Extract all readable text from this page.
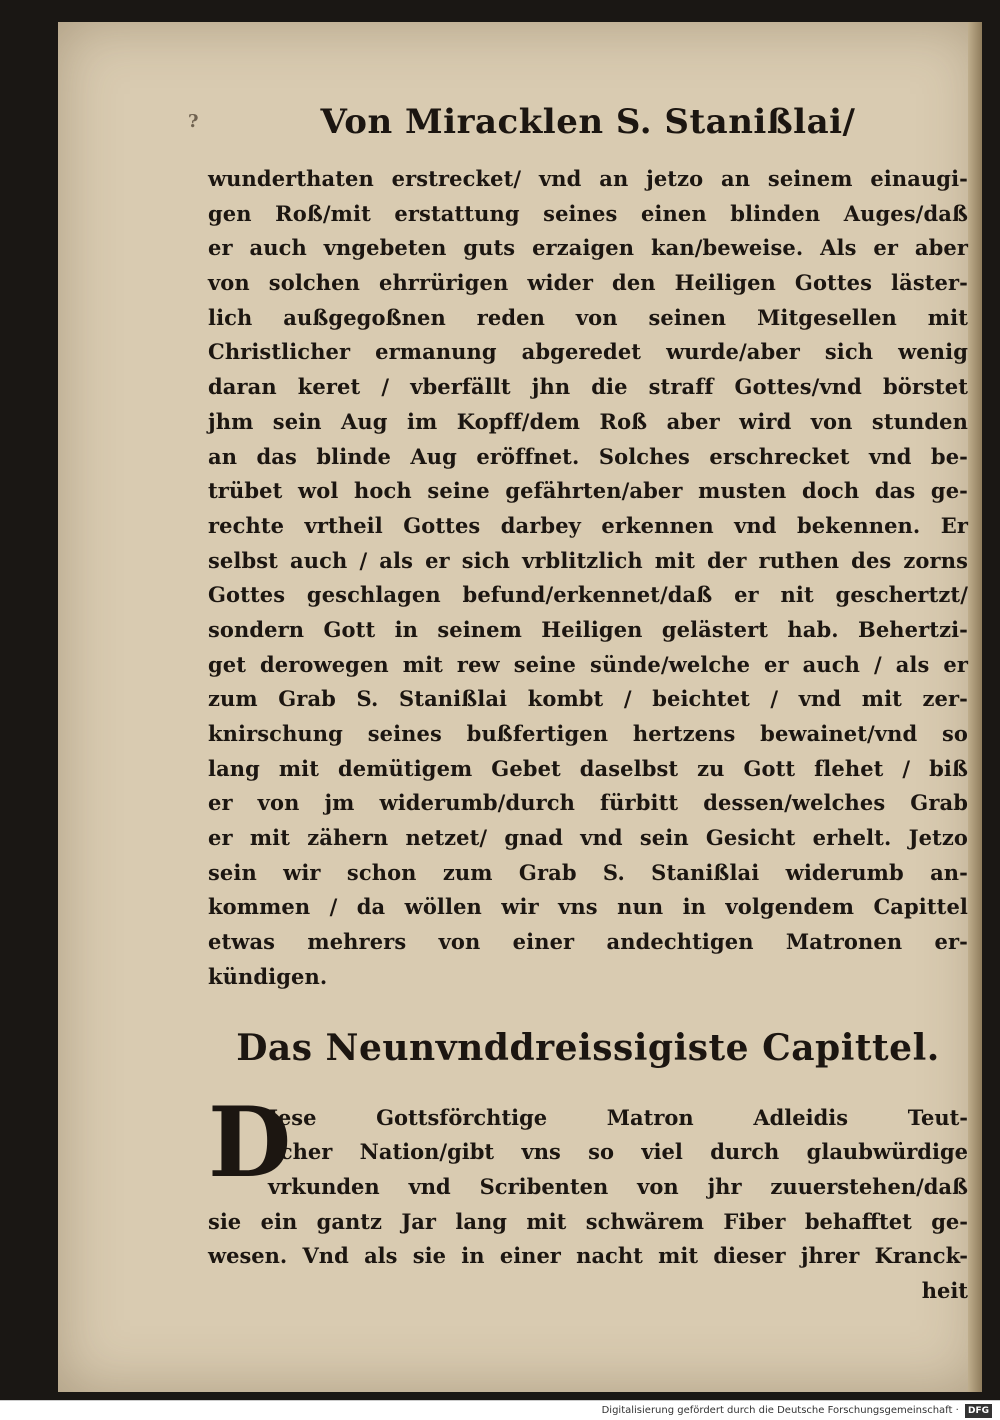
?	Von Miracklen S. Stanißlai/
wunderthaten erstrecket/ vnd an jetzo an seinem einaugi-
gen Roß/mit erstattung seines einen blinden Auges/daß
er auch vngebeten guts erzaigen kan/beweise. Als er aber
von solchen ehrrürigen wider den Heiligen Gottes läster-
lich außgegoßnen reden von seinen Mitgesellen mit
Christlicher ermanung abgeredet wurde/aber sich wenig
daran keret / vberfällt jhn die straff Gottes/vnd börstet
jhm sein Aug im Kopff/dem Roß aber wird von stunden
an das blinde Aug eröffnet. Solches erschrecket vnd be-
trübet wol hoch seine gefährten/aber musten doch das ge-
rechte vrtheil Gottes darbey erkennen vnd bekennen. Er
selbst auch / als er sich vrblitzlich mit der ruthen des zorns
Gottes geschlagen befund/erkennet/daß er nit geschertzt/
sondern Gott in seinem Heiligen gelästert hab. Behertzi-
get derowegen mit rew seine sünde/welche er auch / als er
zum Grab S. Stanißlai kombt / beichtet / vnd mit zer-
knirschung seines bußfertigen hertzens bewainet/vnd so
lang mit demütigem Gebet daselbst zu Gott flehet / biß
er von jm widerumb/durch fürbitt dessen/welches Grab
er mit zähern netzet/ gnad vnd sein Gesicht erhelt. Jetzo
sein wir schon zum Grab S. Stanißlai widerumb an-
kommen / da wöllen wir vns nun in volgendem Capittel
etwas mehrers von einer andechtigen Matronen er-
kündigen.
Das Neunvnddreissigiste Capittel.
D
Jese Gottsförchtige Matron Adleidis Teut-
scher Nation/gibt vns so viel durch glaubwürdige
vrkunden vnd Scribenten von jhr zuuerstehen/daß
sie ein gantz Jar lang mit schwärem Fiber behafftet ge-
wesen. Vnd als sie in einer nacht mit dieser jhrer Kranck-
heit
Digitalisierung gefördert durch die Deutsche Forschungsgemeinschaft · DFG
